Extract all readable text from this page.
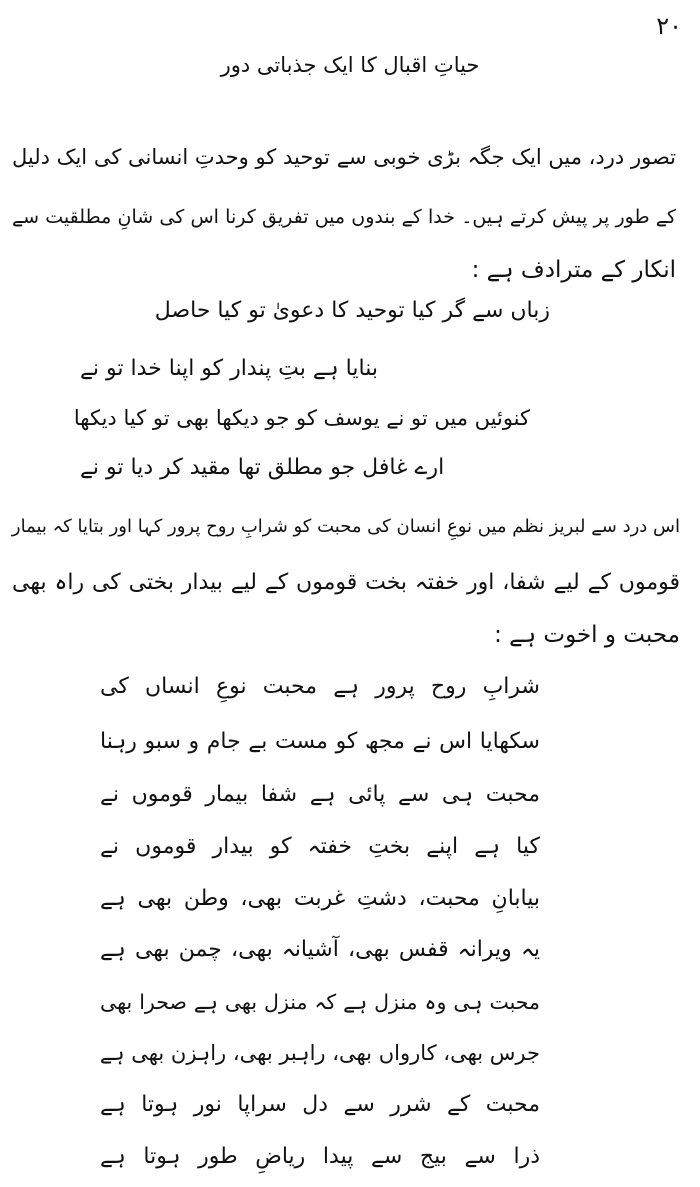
۲۰
حیاتِ اقبال کا ایک جذباتی دور
تصور درد، میں ایک جگہ بڑی خوبی سے توحید کو وحدتِ انسانی کی ایک دلیل
کے طور پر پیش کرتے ہیں۔ خدا کے بندوں میں تفریق کرنا اس کی شانِ مطلقیت سے
انکار کے مترادف ہے :
زباں سے گر کیا توحید کا دعویٰ تو کیا حاصل
بنایا ہے بتِ پندار کو اپنا خدا تو نے
کنوئیں میں تو نے یوسف کو جو دیکھا بھی تو کیا دیکھا
ارے غافل جو مطلق تھا مقید کر دیا تو نے
اس درد سے لبریز نظم میں نوعِ انسان کی محبت کو شرابِ روح پرور کہا اور بتایا کہ بیمار
قوموں کے لیے شفا، اور خفتہ بخت قوموں کے لیے بیدار بختی کی راہ بھی
محبت و اخوت ہے :
شرابِ روح پرور ہے محبت نوعِ انساں کی
سکھایا اس نے مجھ کو مست بے جام و سبو رہنا
محبت ہی سے پائی ہے شفا بیمار قوموں نے
کیا ہے اپنے بختِ خفتہ کو بیدار قوموں نے
بیابانِ محبت، دشتِ غربت بھی، وطن بھی ہے
یہ ویرانہ قفس بھی، آشیانہ بھی، چمن بھی ہے
محبت ہی وہ منزل ہے کہ منزل بھی ہے صحرا بھی
جرس بھی، کارواں بھی، راہبر بھی، راہزن بھی ہے
محبت کے شرر سے دل سراپا نور ہوتا ہے
ذرا سے بیج سے پیدا ریاضِ طور ہوتا ہے
